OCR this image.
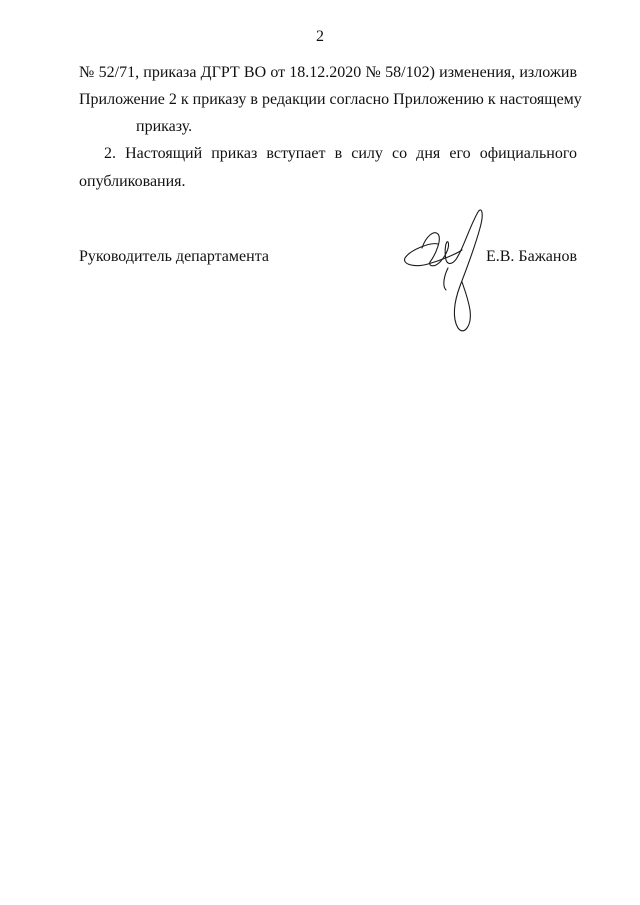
2
№ 52/71, приказа ДГРТ ВО от 18.12.2020 № 58/102) изменения, изложив
Приложение 2 к приказу в редакции согласно Приложению к настоящему
приказу.
2. Настоящий приказ вступает в силу со дня его официального
опубликования.
Руководитель департамента	Е.В. Бажанов
